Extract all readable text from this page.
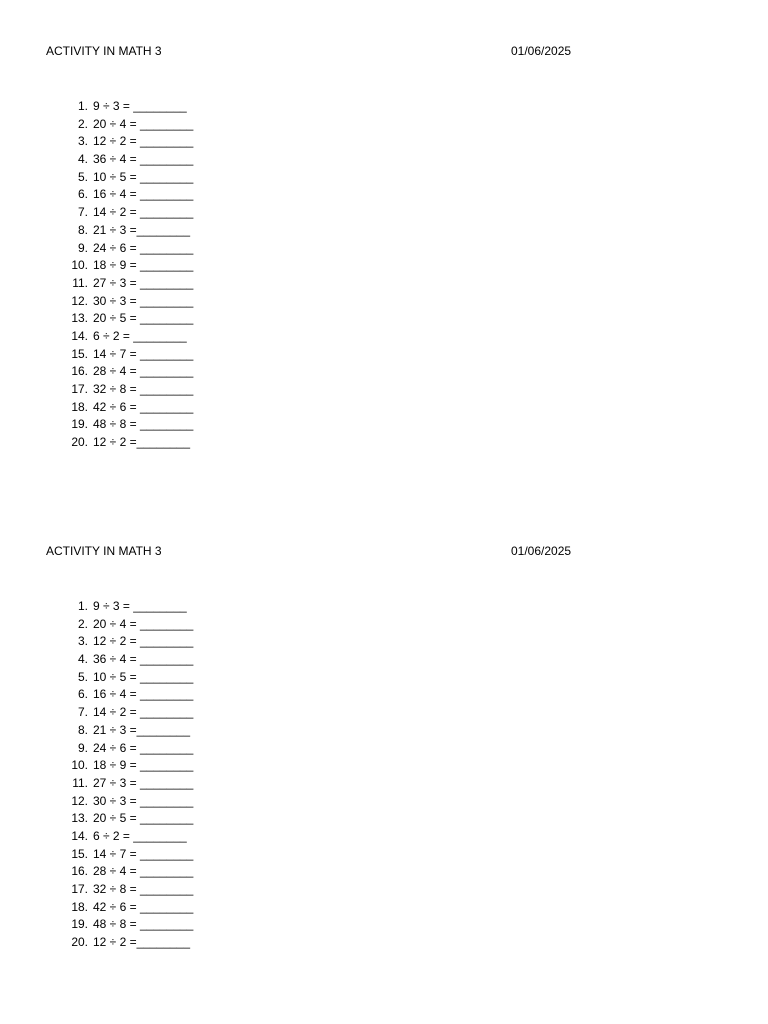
ACTIVITY IN MATH 3	01/06/2025
1. 9 ÷ 3 = ________
2. 20 ÷ 4 = ________
3. 12 ÷ 2 = ________
4. 36 ÷ 4 = ________
5. 10 ÷ 5 = ________
6. 16 ÷ 4 = ________
7. 14 ÷ 2 = ________
8. 21 ÷ 3 =________
9. 24 ÷ 6 = ________
10. 18 ÷ 9 = ________
11. 27 ÷ 3 = ________
12. 30 ÷ 3 = ________
13. 20 ÷ 5 = ________
14. 6 ÷ 2 = ________
15. 14 ÷ 7 = ________
16. 28 ÷ 4 = ________
17. 32 ÷ 8 = ________
18. 42 ÷ 6 = ________
19. 48 ÷ 8 = ________
20. 12 ÷ 2 =________
ACTIVITY IN MATH 3	01/06/2025
1. 9 ÷ 3 = ________
2. 20 ÷ 4 = ________
3. 12 ÷ 2 = ________
4. 36 ÷ 4 = ________
5. 10 ÷ 5 = ________
6. 16 ÷ 4 = ________
7. 14 ÷ 2 = ________
8. 21 ÷ 3 =________
9. 24 ÷ 6 = ________
10. 18 ÷ 9 = ________
11. 27 ÷ 3 = ________
12. 30 ÷ 3 = ________
13. 20 ÷ 5 = ________
14. 6 ÷ 2 = ________
15. 14 ÷ 7 = ________
16. 28 ÷ 4 = ________
17. 32 ÷ 8 = ________
18. 42 ÷ 6 = ________
19. 48 ÷ 8 = ________
20. 12 ÷ 2 =________
